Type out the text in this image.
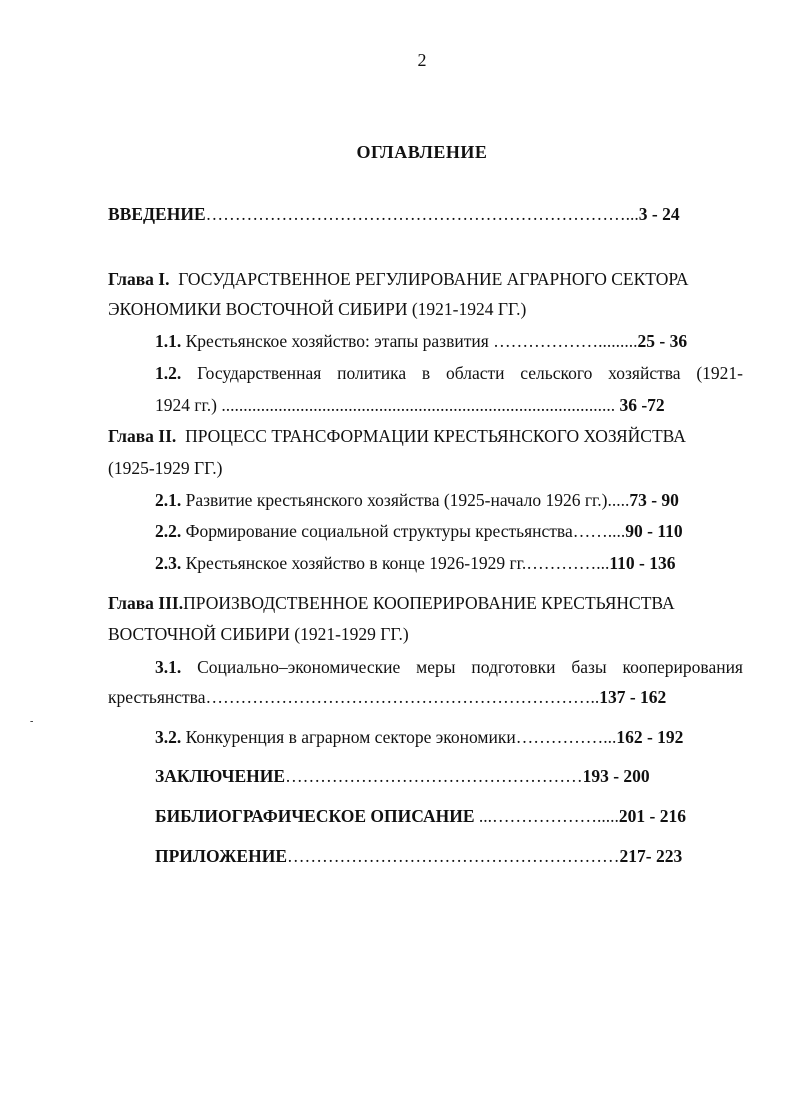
2
ОГЛАВЛЕНИЕ
ВВЕДЕНИЕ………………………………………………………………...3 - 24
Глава I. ГОСУДАРСТВЕННОЕ РЕГУЛИРОВАНИЕ АГРАРНОГО СЕКТОРА
ЭКОНОМИКИ ВОСТОЧНОЙ СИБИРИ (1921-1924 ГГ.)
1.1. Крестьянское хозяйство: этапы развития ……………….........25 - 36
1.2. Государственная политика в области сельского хозяйства (1921-
1924 гг.) .......................................................................................... 36 -72
Глава II. ПРОЦЕСС ТРАНСФОРМАЦИИ КРЕСТЬЯНСКОГО ХОЗЯЙСТВА
(1925-1929 ГГ.)
2.1. Развитие крестьянского хозяйства (1925-начало 1926 гг.).....73 - 90
2.2. Формирование социальной структуры крестьянства……....90 - 110
2.3. Крестьянское хозяйство в конце 1926-1929 гг.…………...110 - 136
Глава III.ПРОИЗВОДСТВЕННОЕ КООПЕРИРОВАНИЕ КРЕСТЬЯНСТВА
ВОСТОЧНОЙ СИБИРИ (1921-1929 ГГ.)
3.1. Социально–экономические меры подготовки базы кооперирования
крестьянства…………………………………………………………..137 - 162
3.2. Конкуренция в аграрном секторе экономики……………...162 - 192
ЗАКЛЮЧЕНИЕ……………………………………………193 - 200
БИБЛИОГРАФИЧЕСКОЕ ОПИСАНИЕ ...……………….....201 - 216
ПРИЛОЖЕНИЕ…………………………………………………217- 223
-
